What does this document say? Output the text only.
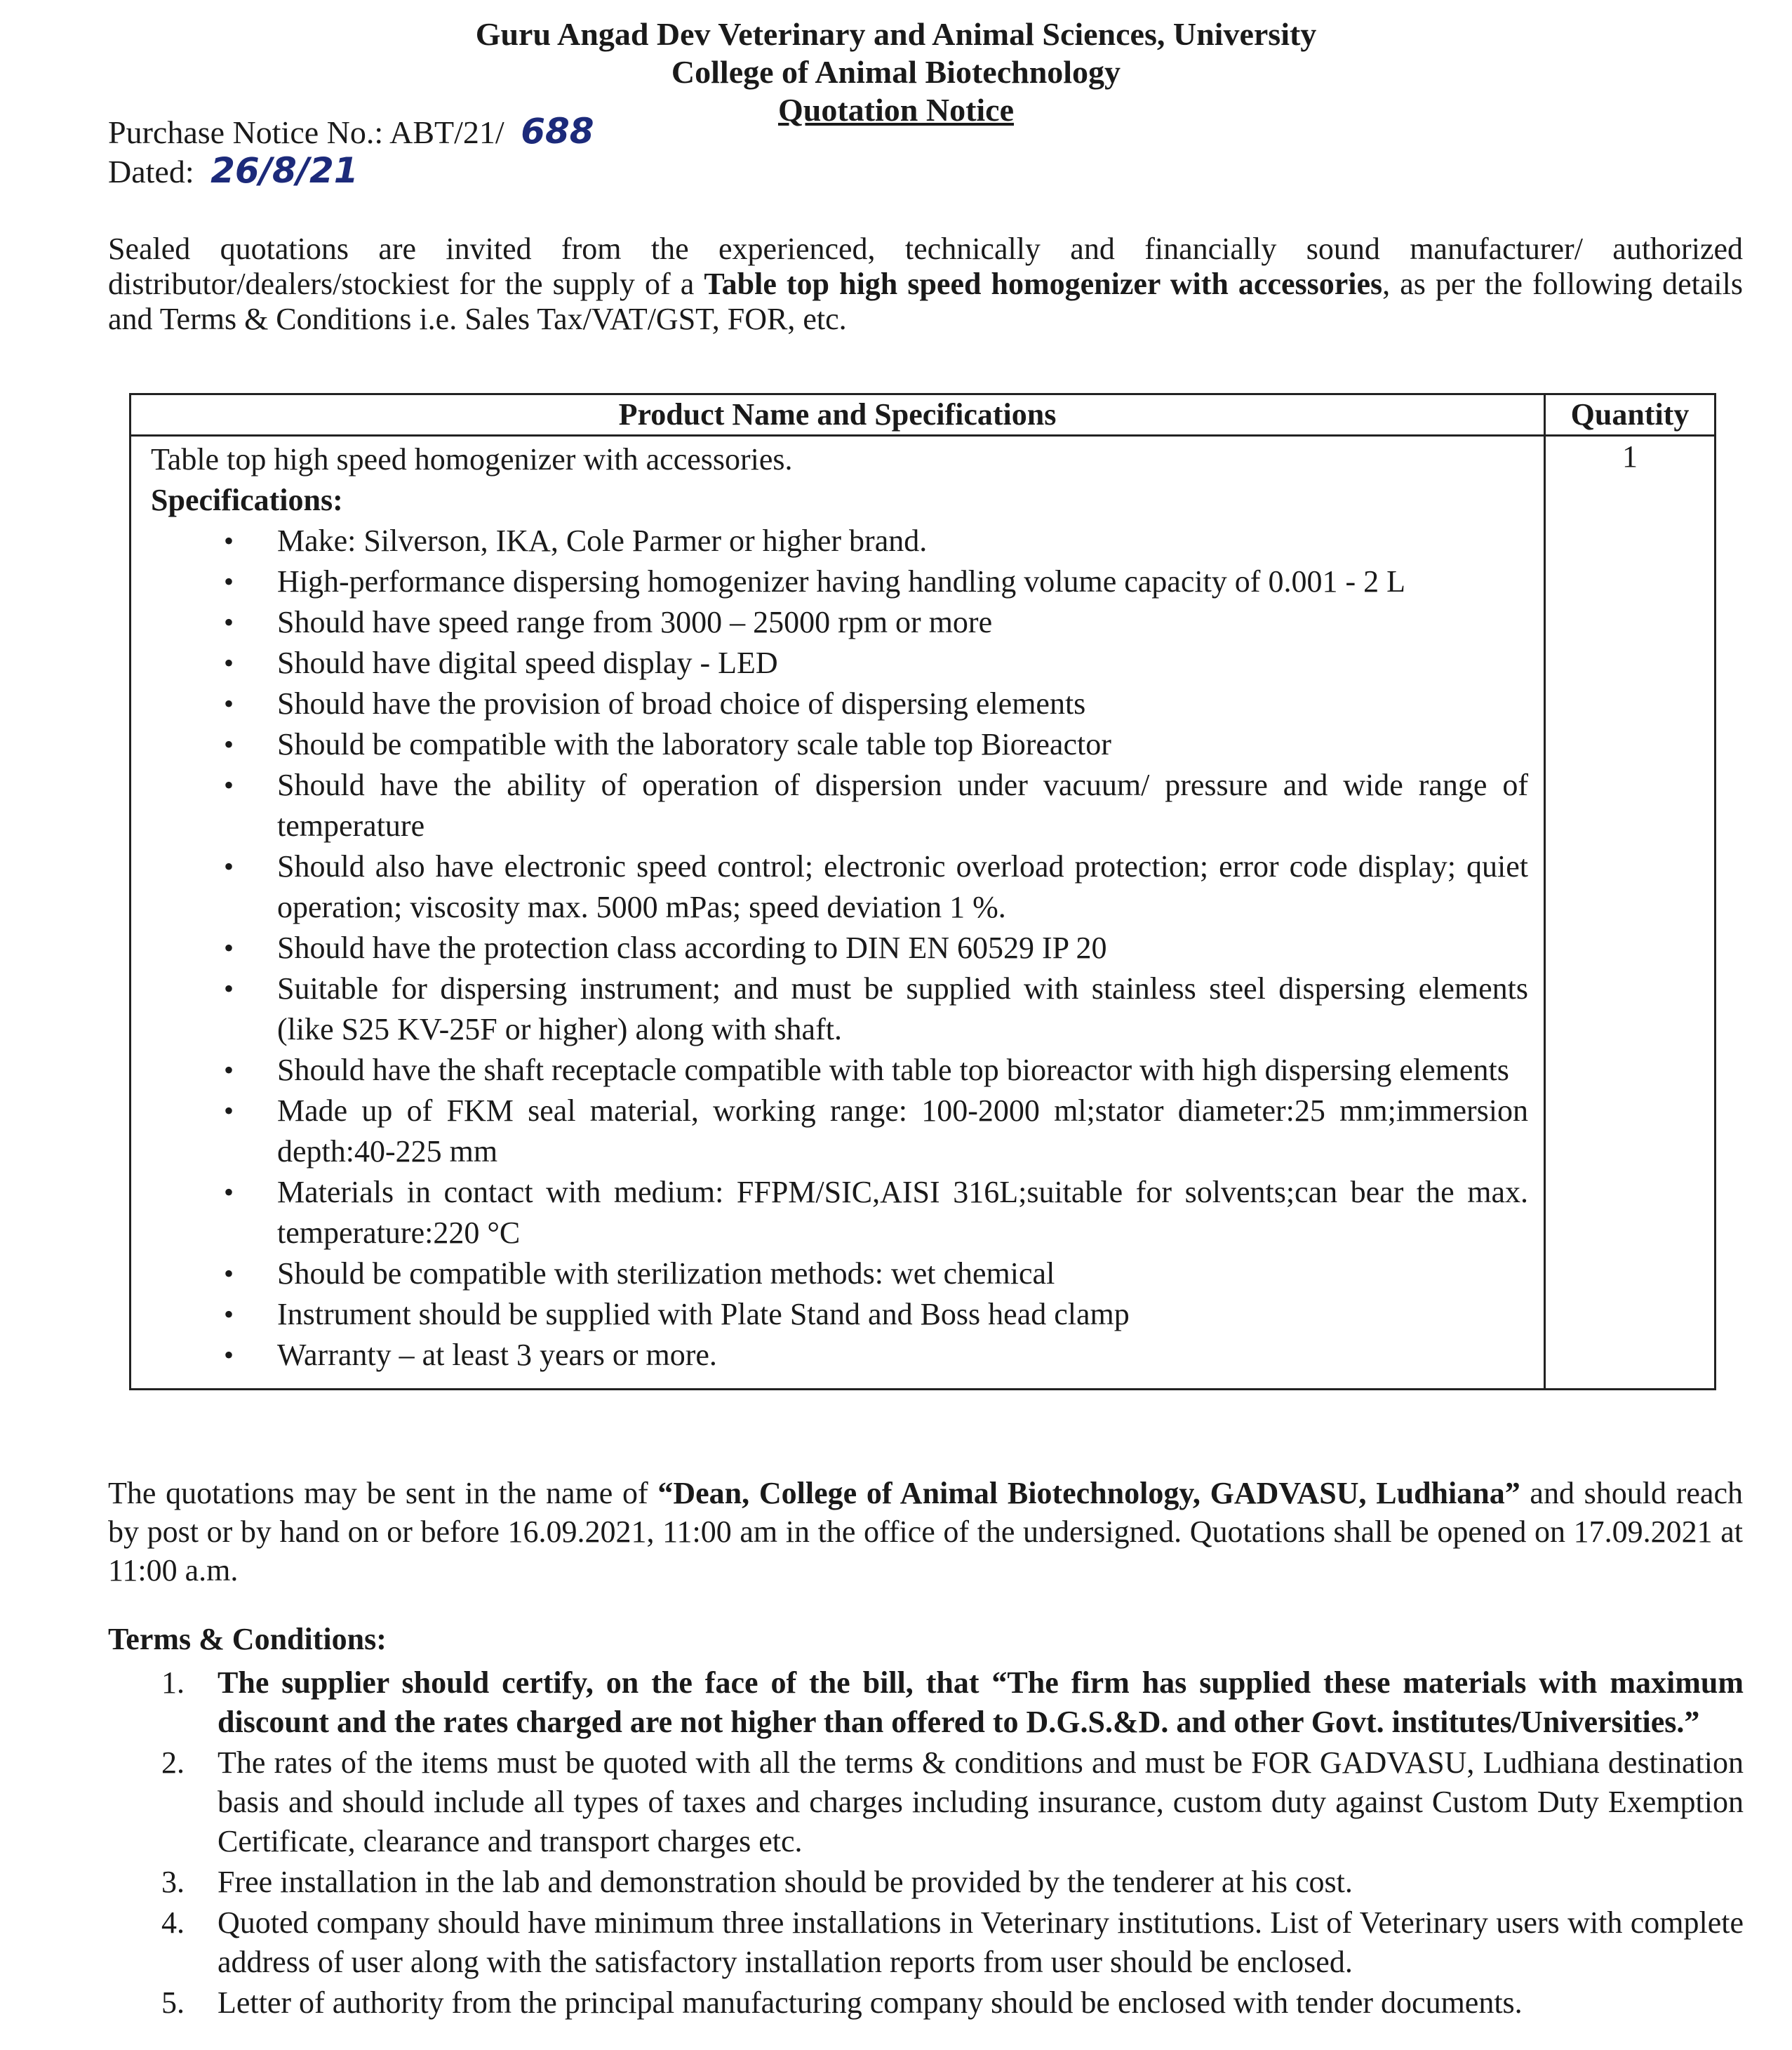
Guru Angad Dev Veterinary and Animal Sciences, University
College of Animal Biotechnology
Quotation Notice
Purchase Notice No.: ABT/21/ 688
Dated: 26/8/21
Sealed quotations are invited from the experienced, technically and financially sound manufacturer/ authorized distributor/dealers/stockiest for the supply of a Table top high speed homogenizer with accessories, as per the following details and Terms & Conditions i.e. Sales Tax/VAT/GST, FOR, etc.
Product Name and Specifications	Quantity

Table top high speed homogenizer with accessories.
Specifications:
• Make: Silverson, IKA, Cole Parmer or higher brand.
• High-performance dispersing homogenizer having handling volume capacity of 0.001 - 2 L
• Should have speed range from 3000 – 25000 rpm or more
• Should have digital speed display - LED
• Should have the provision of broad choice of dispersing elements
• Should be compatible with the laboratory scale table top Bioreactor
• Should have the ability of operation of dispersion under vacuum/ pressure and wide range of temperature
• Should also have electronic speed control; electronic overload protection; error code display; quiet operation; viscosity max. 5000 mPas; speed deviation 1 %.
• Should have the protection class according to DIN EN 60529 IP 20
• Suitable for dispersing instrument; and must be supplied with stainless steel dispersing elements (like S25 KV-25F or higher) along with shaft.
• Should have the shaft receptacle compatible with table top bioreactor with high dispersing elements
• Made up of FKM seal material, working range: 100-2000 ml;stator diameter:25 mm;immersion depth:40-225 mm
• Materials in contact with medium: FFPM/SIC,AISI 316L;suitable for solvents;can bear the max. temperature:220 °C
• Should be compatible with sterilization methods: wet chemical
• Instrument should be supplied with Plate Stand and Boss head clamp
• Warranty – at least 3 years or more.
	1
The quotations may be sent in the name of “Dean, College of Animal Biotechnology, GADVASU, Ludhiana” and should reach by post or by hand on or before 16.09.2021, 11:00 am in the office of the undersigned. Quotations shall be opened on 17.09.2021 at 11:00 a.m.
Terms & Conditions:
1. The supplier should certify, on the face of the bill, that “The firm has supplied these materials with maximum discount and the rates charged are not higher than offered to D.G.S.&D. and other Govt. institutes/Universities.”
2. The rates of the items must be quoted with all the terms & conditions and must be FOR GADVASU, Ludhiana destination basis and should include all types of taxes and charges including insurance, custom duty against Custom Duty Exemption Certificate, clearance and transport charges etc.
3. Free installation in the lab and demonstration should be provided by the tenderer at his cost.
4. Quoted company should have minimum three installations in Veterinary institutions. List of Veterinary users with complete address of user along with the satisfactory installation reports from user should be enclosed.
5. Letter of authority from the principal manufacturing company should be enclosed with tender documents.
